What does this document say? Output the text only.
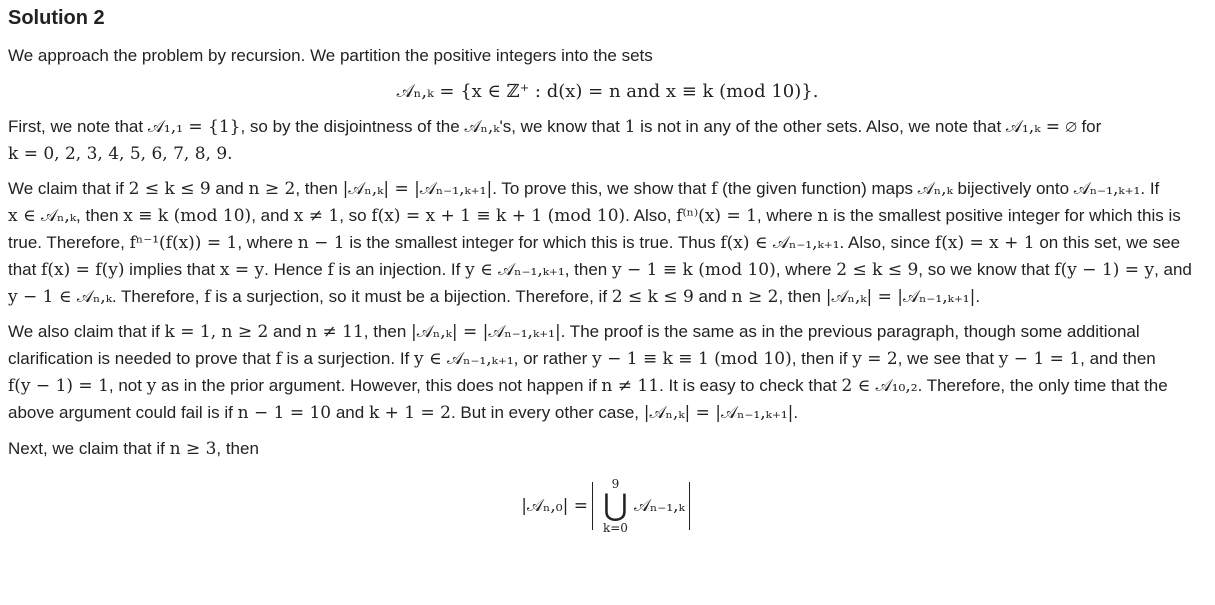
Solution 2

We approach the problem by recursion. We partition the positive integers into the sets

𝒜ₙ,ₖ = {x ∈ ℤ⁺ : d(x) = n and x ≡ k (mod 10)}.

First, we note that 𝒜₁,₁ = {1}, so by the disjointness of the 𝒜ₙ,ₖ's, we know that 1 is not in any of the other sets. Also, we note that 𝒜₁,ₖ = ∅ for k = 0, 2, 3, 4, 5, 6, 7, 8, 9.

We claim that if 2 ≤ k ≤ 9 and n ≥ 2, then |𝒜ₙ,ₖ| = |𝒜ₙ₋₁,ₖ₊₁|. To prove this, we show that f (the given function) maps 𝒜ₙ,ₖ bijectively onto 𝒜ₙ₋₁,ₖ₊₁. If x ∈ 𝒜ₙ,ₖ, then x ≡ k (mod 10), and x ≠ 1, so f(x) = x + 1 ≡ k + 1 (mod 10). Also, f⁽ⁿ⁾(x) = 1, where n is the smallest positive integer for which this is true. Therefore, fⁿ⁻¹(f(x)) = 1, where n − 1 is the smallest integer for which this is true. Thus f(x) ∈ 𝒜ₙ₋₁,ₖ₊₁. Also, since f(x) = x + 1 on this set, we see that f(x) = f(y) implies that x = y. Hence f is an injection. If y ∈ 𝒜ₙ₋₁,ₖ₊₁, then y − 1 ≡ k (mod 10), where 2 ≤ k ≤ 9, so we know that f(y − 1) = y, and y − 1 ∈ 𝒜ₙ,ₖ. Therefore, f is a surjection, so it must be a bijection. Therefore, if 2 ≤ k ≤ 9 and n ≥ 2, then |𝒜ₙ,ₖ| = |𝒜ₙ₋₁,ₖ₊₁|.

We also claim that if k = 1, n ≥ 2 and n ≠ 11, then |𝒜ₙ,ₖ| = |𝒜ₙ₋₁,ₖ₊₁|. The proof is the same as in the previous paragraph, though some additional clarification is needed to prove that f is a surjection. If y ∈ 𝒜ₙ₋₁,ₖ₊₁, or rather y − 1 ≡ k ≡ 1 (mod 10), then if y = 2, we see that y − 1 = 1, and then f(y − 1) = 1, not y as in the prior argument. However, this does not happen if n ≠ 11. It is easy to check that 2 ∈ 𝒜₁₀,₂. Therefore, the only time that the above argument could fail is if n − 1 = 10 and k + 1 = 2. But in every other case, |𝒜ₙ,ₖ| = |𝒜ₙ₋₁,ₖ₊₁|.

Next, we claim that if n ≥ 3, then

|𝒜ₙ,₀| =
9
⋃
k=0
𝒜ₙ₋₁,ₖ
